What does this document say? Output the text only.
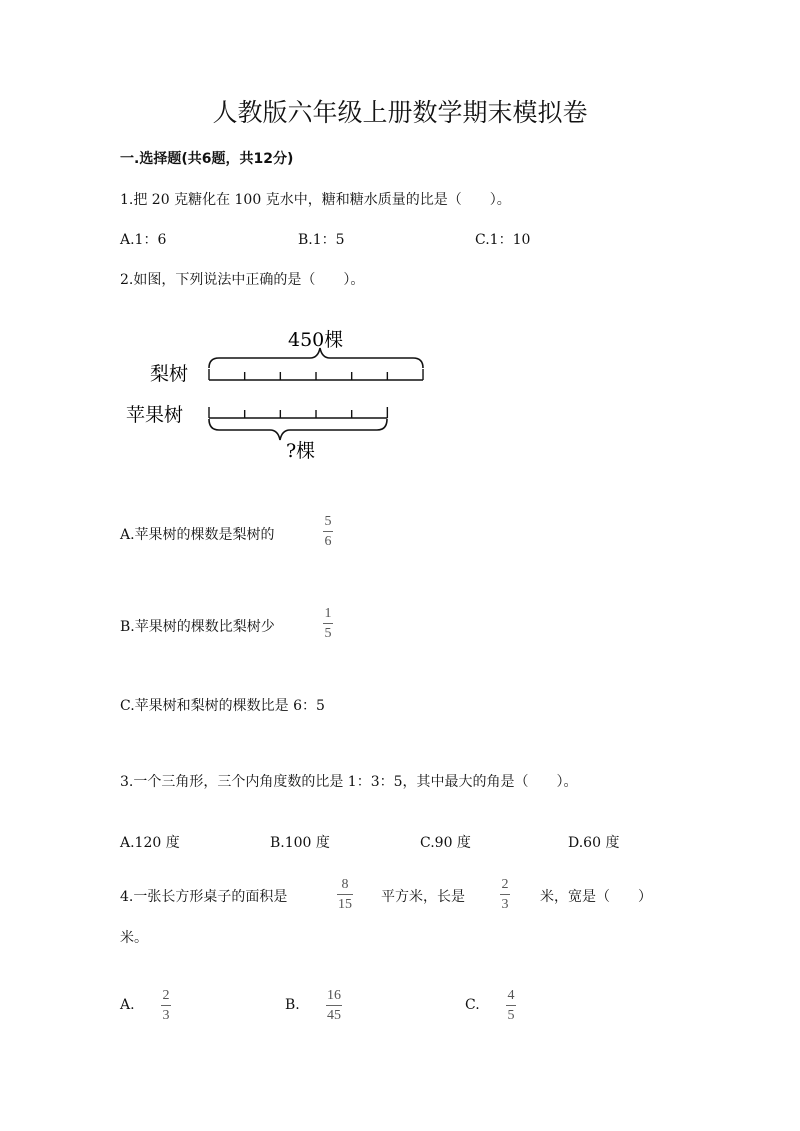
人教版六年级上册数学期末模拟卷
一.选择题(共6题，共12分)
1.把 20 克糖化在 100 克水中，糖和糖水质量的比是（　　）。
A.1：6	B.1：5	C.1：10
2.如图，下列说法中正确的是（　　）。
450棵
梨树
苹果树
?棵
A.苹果树的棵数是梨树的
5
6
B.苹果树的棵数比梨树少
1
5
C.苹果树和梨树的棵数比是 6：5
3.一个三角形，三个内角度数的比是 1：3：5，其中最大的角是（　　）。
A.120 度	B.100 度	C.90 度	D.60 度
4.一张长方形桌子的面积是
8
15 平方米，长是
2
3 米，宽是（　　）
米。
A.
2
3
B.
16
45
C.
4
5
